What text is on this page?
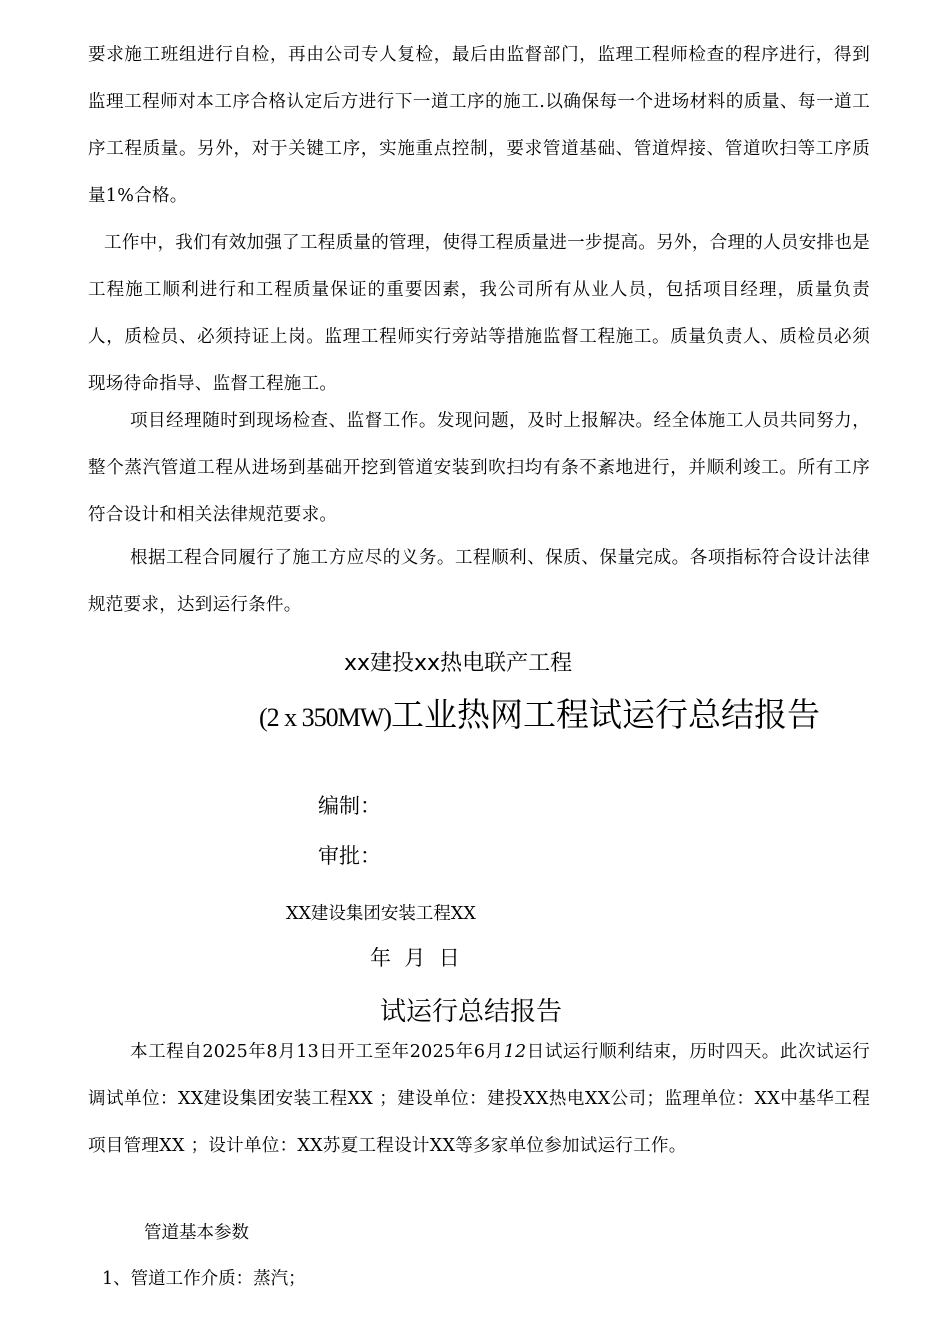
要求施工班组进行自检，再由公司专人复检，最后由监督部门，监理工程师检查的程序进行，得到监理工程师对本工序合格认定后方进行下一道工序的施工.以确保每一个进场材料的质量、每一道工序工程质量。另外，对于关键工序，实施重点控制，要求管道基础、管道焊接、管道吹扫等工序质量1%合格。

工作中，我们有效加强了工程质量的管理，使得工程质量进一步提高。另外，合理的人员安排也是工程施工顺利进行和工程质量保证的重要因素，我公司所有从业人员，包括项目经理，质量负责人，质检员、必须持证上岗。监理工程师实行旁站等措施监督工程施工。质量负责人、质检员必须现场待命指导、监督工程施工。

项目经理随时到现场检查、监督工作。发现问题，及时上报解决。经全体施工人员共同努力，整个蒸汽管道工程从进场到基础开挖到管道安装到吹扫均有条不紊地进行，并顺利竣工。所有工序符合设计和相关法律规范要求。

根据工程合同履行了施工方应尽的义务。工程顺利、保质、保量完成。各项指标符合设计法律规范要求，达到运行条件。

xx建投xx热电联产工程

(2 x 350MW)工业热网工程试运行总结报告

编制：

审批：

XX建设集团安装工程XX

年  月  日

试运行总结报告

本工程自2025年8月13日开工至年2025年6月12日试运行顺利结束，历时四天。此次试运行调试单位：XX建设集团安装工程XX ；建设单位：建投XX热电XX公司；监理单位：XX中基华工程项目管理XX ；设计单位：XX苏夏工程设计XX等多家单位参加试运行工作。

管道基本参数

1、管道工作介质：蒸汽；
